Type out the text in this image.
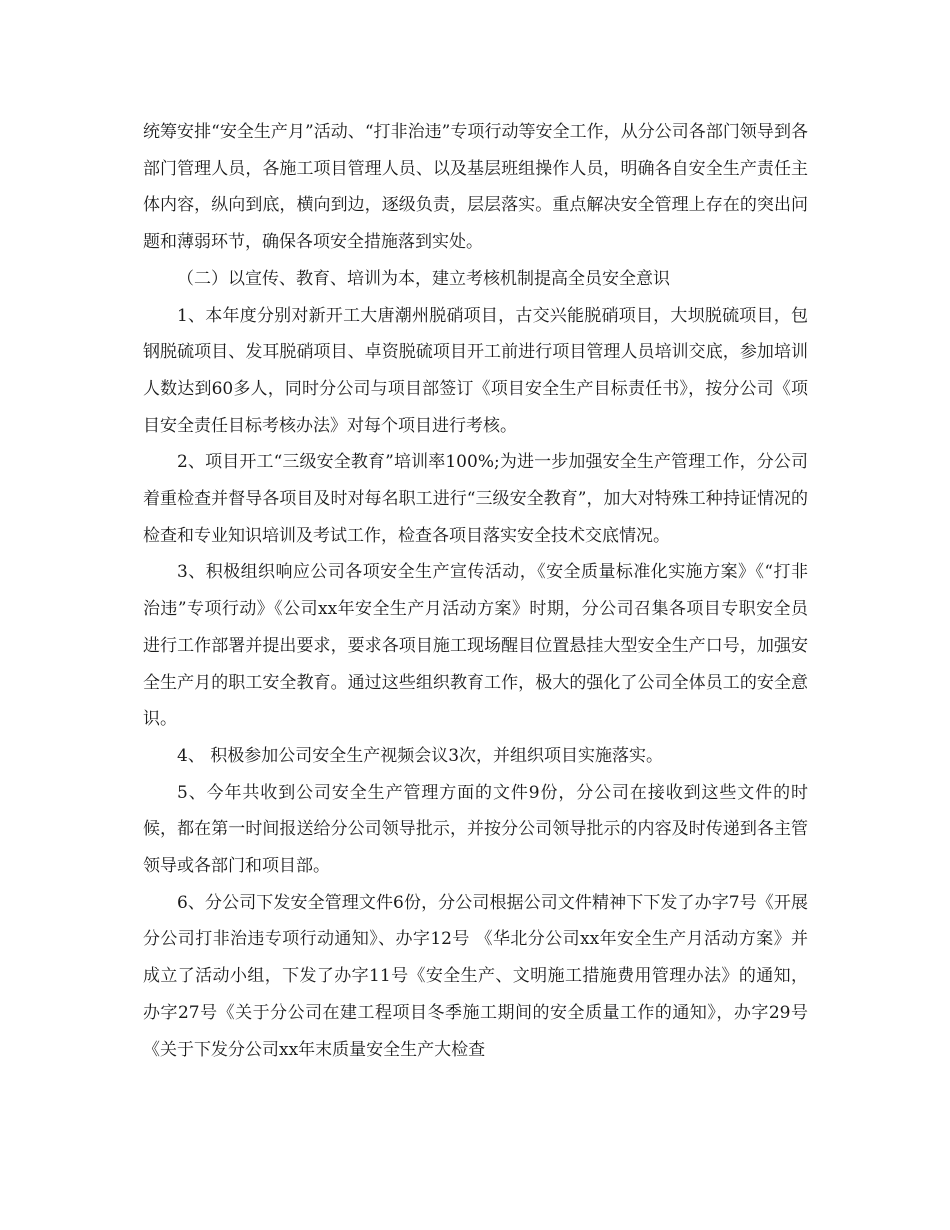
统筹安排“安全生产月”活动、“打非治违”专项行动等安全工作，从分公司各部门领导到各部门管理人员，各施工项目管理人员、以及基层班组操作人员，明确各自安全生产责任主体内容，纵向到底，横向到边，逐级负责，层层落实。重点解决安全管理上存在的突出问题和薄弱环节，确保各项安全措施落到实处。

（二）以宣传、教育、培训为本，建立考核机制提高全员安全意识

1、本年度分别对新开工大唐潮州脱硝项目，古交兴能脱硝项目，大坝脱硫项目，包钢脱硫项目、发耳脱硝项目、卓资脱硫项目开工前进行项目管理人员培训交底，参加培训人数达到60多人，同时分公司与项目部签订《项目安全生产目标责任书》，按分公司《项目安全责任目标考核办法》对每个项目进行考核。

2、项目开工“三级安全教育”培训率100%;为进一步加强安全生产管理工作，分公司着重检查并督导各项目及时对每名职工进行“三级安全教育”，加大对特殊工种持证情况的检查和专业知识培训及考试工作，检查各项目落实安全技术交底情况。

3、积极组织响应公司各项安全生产宣传活动，《安全质量标准化实施方案》《“打非治违”专项行动》《公司xx年安全生产月活动方案》时期，分公司召集各项目专职安全员进行工作部署并提出要求，要求各项目施工现场醒目位置悬挂大型安全生产口号，加强安全生产月的职工安全教育。通过这些组织教育工作，极大的强化了公司全体员工的安全意识。

4、 积极参加公司安全生产视频会议3次，并组织项目实施落实。

5、今年共收到公司安全生产管理方面的文件9份，分公司在接收到这些文件的时候，都在第一时间报送给分公司领导批示，并按分公司领导批示的内容及时传递到各主管领导或各部门和项目部。

6、分公司下发安全管理文件6份，分公司根据公司文件精神下下发了办字7号《开展分公司打非治违专项行动通知》、办字12号 《华北分公司xx年安全生产月活动方案》并成立了活动小组，下发了办字11号《安全生产、文明施工措施费用管理办法》的通知，办字27号《关于分公司在建工程项目冬季施工期间的安全质量工作的通知》，办字29号《关于下发分公司xx年末质量安全生产大检查
